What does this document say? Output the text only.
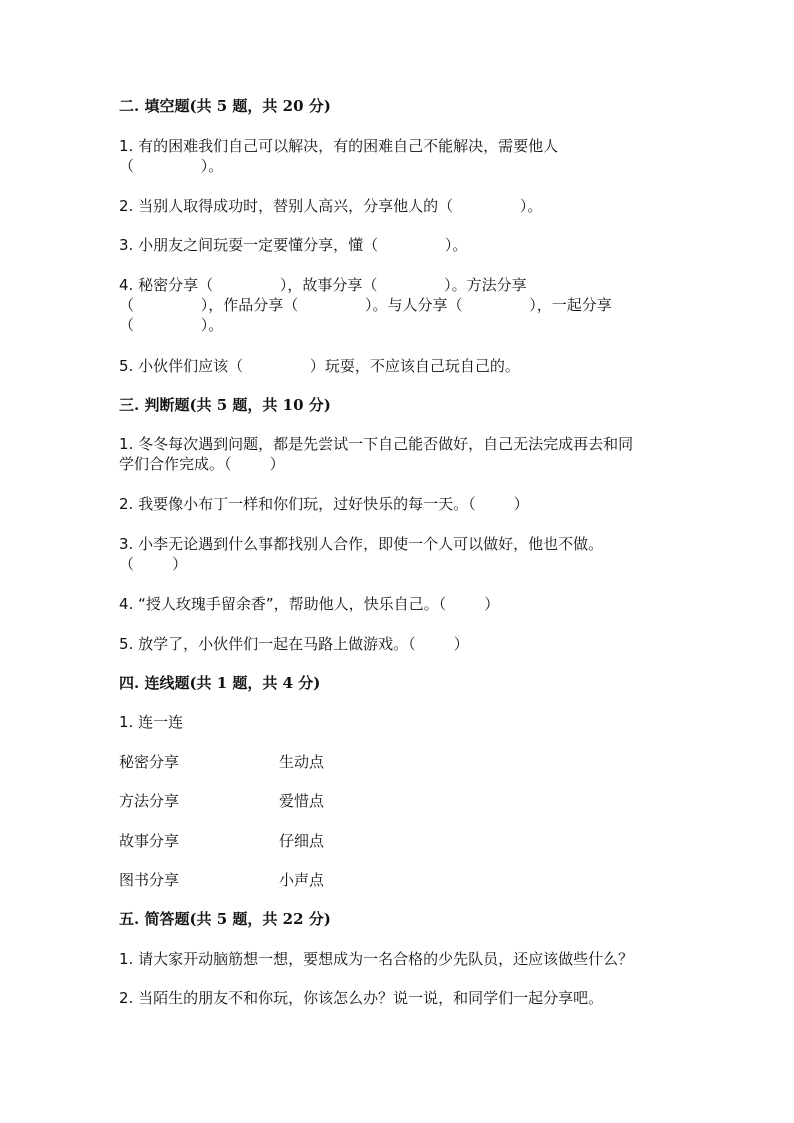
二. 填空题(共 5 题，共 20 分)
1. 有的困难我们自己可以解决，有的困难自己不能解决，需要他人
（              ）。
2. 当别人取得成功时，替别人高兴，分享他人的（              ）。
3. 小朋友之间玩耍一定要懂分享，懂（              ）。
4. 秘密分享（              ），故事分享（              ）。方法分享
（              ），作品分享（              ）。与人分享（              ），一起分享
（              ）。
5. 小伙伴们应该（              ）玩耍，不应该自己玩自己的。
三. 判断题(共 5 题，共 10 分)
1. 冬冬每次遇到问题，都是先尝试一下自己能否做好，自己无法完成再去和同
学们合作完成。（        ）
2. 我要像小布丁一样和你们玩，过好快乐的每一天。（        ）
3. 小李无论遇到什么事都找别人合作，即使一个人可以做好，他也不做。
（        ）
4. “授人玫瑰手留余香”，帮助他人，快乐自己。（        ）
5. 放学了，小伙伴们一起在马路上做游戏。（        ）
四. 连线题(共 1 题，共 4 分)
1. 连一连
秘密分享	生动点
方法分享	爱惜点
故事分享	仔细点
图书分享	小声点
五. 简答题(共 5 题，共 22 分)
1. 请大家开动脑筋想一想，要想成为一名合格的少先队员，还应该做些什么？
2. 当陌生的朋友不和你玩，你该怎么办？说一说，和同学们一起分享吧。
